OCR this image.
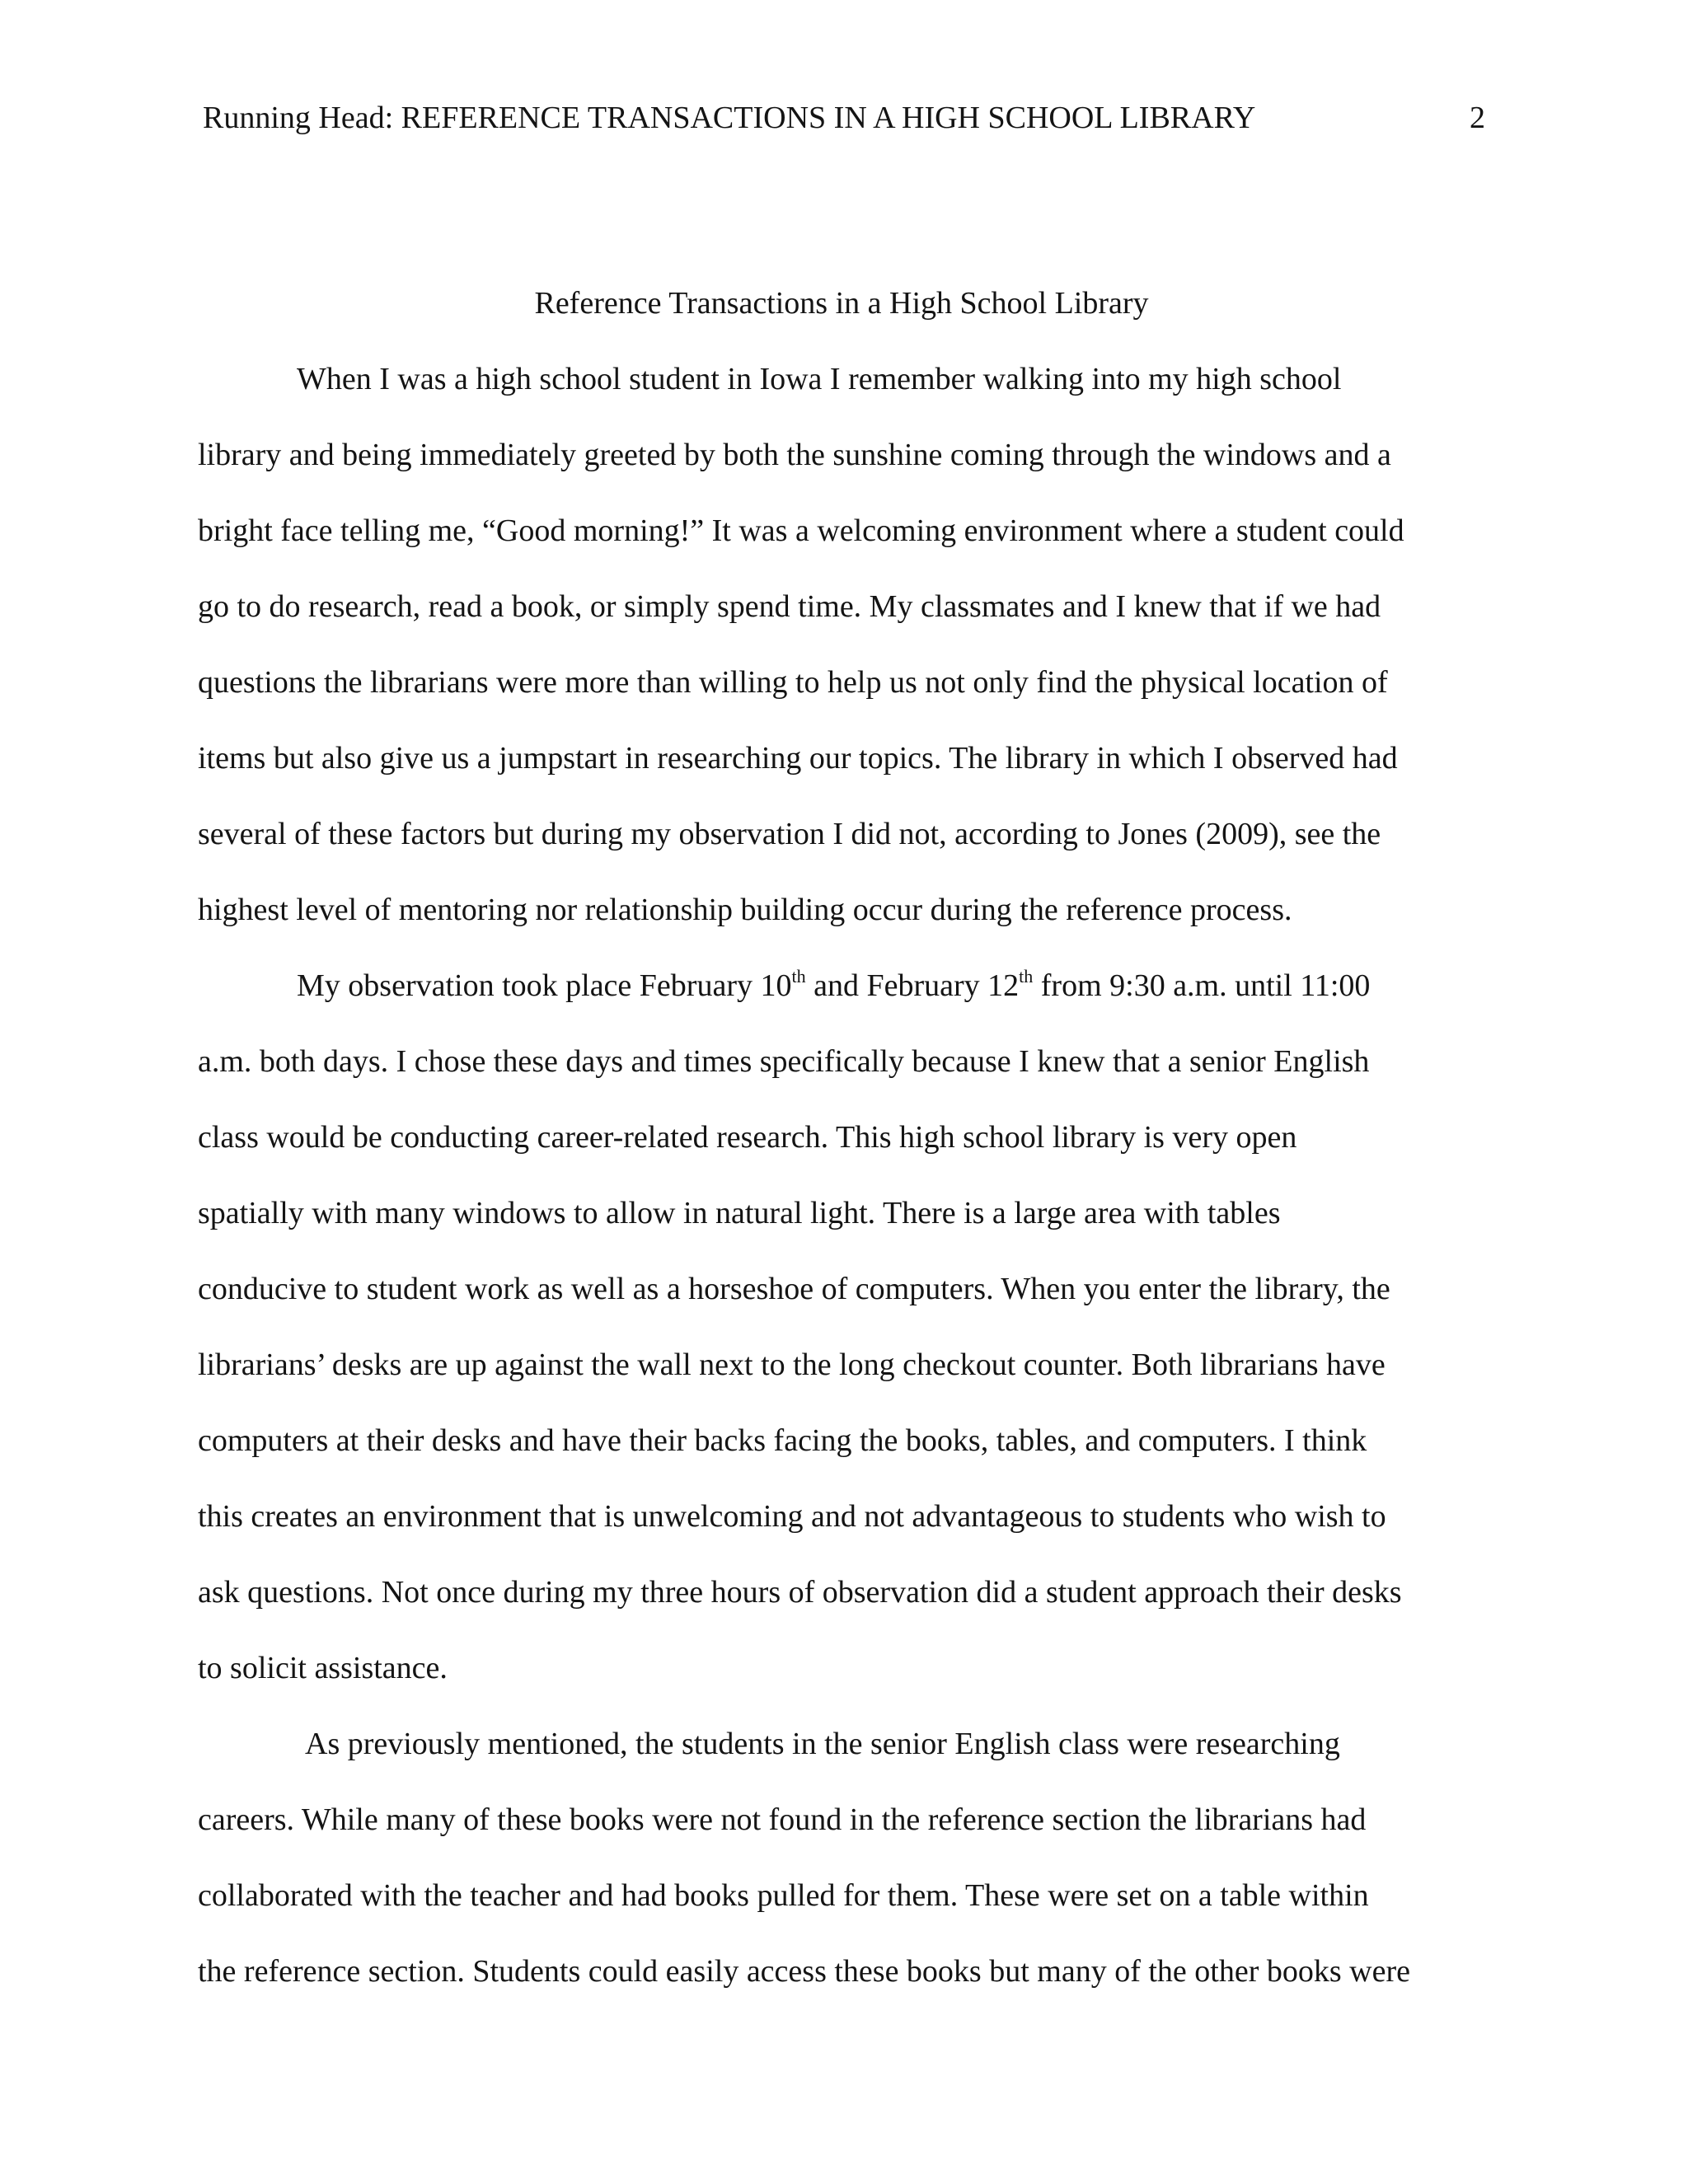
Running Head: REFERENCE TRANSACTIONS IN A HIGH SCHOOL LIBRARY	2
Reference Transactions in a High School Library

When I was a high school student in Iowa I remember walking into my high school
library and being immediately greeted by both the sunshine coming through the windows and a
bright face telling me, “Good morning!” It was a welcoming environment where a student could
go to do research, read a book, or simply spend time. My classmates and I knew that if we had
questions the librarians were more than willing to help us not only find the physical location of
items but also give us a jumpstart in researching our topics. The library in which I observed had
several of these factors but during my observation I did not, according to Jones (2009), see the
highest level of mentoring nor relationship building occur during the reference process.

My observation took place February 10th and February 12th from 9:30 a.m. until 11:00
a.m. both days. I chose these days and times specifically because I knew that a senior English
class would be conducting career-related research. This high school library is very open
spatially with many windows to allow in natural light. There is a large area with tables
conducive to student work as well as a horseshoe of computers. When you enter the library, the
librarians’ desks are up against the wall next to the long checkout counter. Both librarians have
computers at their desks and have their backs facing the books, tables, and computers. I think
this creates an environment that is unwelcoming and not advantageous to students who wish to
ask questions. Not once during my three hours of observation did a student approach their desks
to solicit assistance.

As previously mentioned, the students in the senior English class were researching
careers. While many of these books were not found in the reference section the librarians had
collaborated with the teacher and had books pulled for them. These were set on a table within
the reference section. Students could easily access these books but many of the other books were
